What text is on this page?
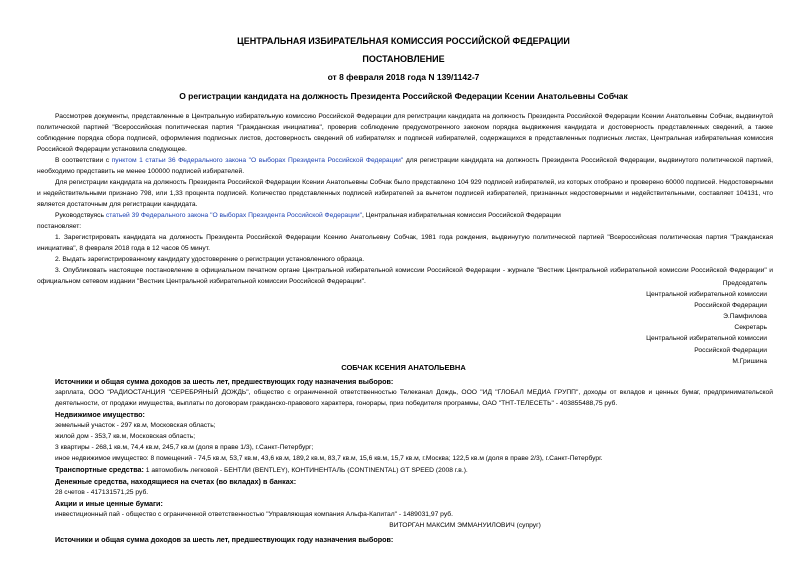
ЦЕНТРАЛЬНАЯ ИЗБИРАТЕЛЬНАЯ КОМИССИЯ РОССИЙСКОЙ ФЕДЕРАЦИИ
ПОСТАНОВЛЕНИЕ
от 8 февраля 2018 года N 139/1142-7
О регистрации кандидата на должность Президента Российской Федерации Ксении Анатольевны Собчак

Рассмотрев документы, представленные в Центральную избирательную комиссию Российской Федерации для регистрации кандидата на должность Президента Российской Федерации Ксении Анатольевны Собчак, выдвинутой политической партией "Всероссийская политическая партия "Гражданская инициатива", проверив соблюдение предусмотренного законом порядка выдвижения кандидата и достоверность представленных сведений, а также соблюдение порядка сбора подписей, оформления подписных листов, достоверность сведений об избирателях и подписей избирателей, содержащихся в представленных подписных листах, Центральная избирательная комиссия Российской Федерации установила следующее.

В соответствии с пунктом 1 статьи 36 Федерального закона "О выборах Президента Российской Федерации" для регистрации кандидата на должность Президента Российской Федерации, выдвинутого политической партией, необходимо представить не менее 100000 подписей избирателей.

Для регистрации кандидата на должность Президента Российской Федерации Ксении Анатольевны Собчак было представлено 104 929 подписей избирателей, из которых отобрано и проверено 60000 подписей. Недостоверными и недействительными признано 798, или 1,33 процента подписей. Количество представленных подписей избирателей за вычетом подписей избирателей, признанных недостоверными и недействительными, составляет 104131, что является достаточным для регистрации кандидата.

Руководствуясь статьей 39 Федерального закона "О выборах Президента Российской Федерации", Центральная избирательная комиссия Российской Федерации

постановляет:

1. Зарегистрировать кандидата на должность Президента Российской Федерации Ксению Анатольевну Собчак, 1981 года рождения, выдвинутую политической партией "Всероссийская политическая партия "Гражданская инициатива", 8 февраля 2018 года в 12 часов 05 минут.

2. Выдать зарегистрированному кандидату удостоверение о регистрации установленного образца.

3. Опубликовать настоящее постановление в официальном печатном органе Центральной избирательной комиссии Российской Федерации - журнале "Вестник Центральной избирательной комиссии Российской Федерации" и официальном сетевом издании "Вестник Центральной избирательной комиссии Российской Федерации".	Председатель
Центральной избирательной комиссии
Российской Федерации
Э.Памфилова
Секретарь
Центральной избирательной комиссии
Российской Федерации
М.Гришина
СОБЧАК КСЕНИЯ АНАТОЛЬЕВНА

Источники и общая сумма доходов за шесть лет, предшествующих году назначения выборов:

зарплата, ООО "РАДИОСТАНЦИЯ "СЕРЕБРЯНЫЙ ДОЖДЬ", общество с ограниченной ответственностью Телеканал Дождь, ООО "ИД "ГЛОБАЛ МЕДИА ГРУПП", доходы от вкладов и ценных бумаг, предпринимательской деятельности, от продажи имущества, выплаты по договорам гражданско-правового характера, гонорары, приз победителя программы, ОАО "ТНТ-ТЕЛЕСЕТЬ" - 403855488,75 руб.

Недвижимое имущество:

земельный участок - 297 кв.м, Московская область;

жилой дом - 353,7 кв.м, Московская область;

3 квартиры - 268,1 кв.м, 74,4 кв.м, 245,7 кв.м (доля в праве 1/3), г.Санкт-Петербург;

иное недвижимое имущество: 8 помещений - 74,5 кв.м, 53,7 кв.м, 43,6 кв.м, 189,2 кв.м, 83,7 кв.м, 15,6 кв.м, 15,7 кв.м, г.Москва; 122,5 кв.м (доля в праве 2/3), г.Санкт-Петербург.

Транспортные средства: 1 автомобиль легковой - БЕНТЛИ (BENTLEY), КОНТИНЕНТАЛЬ (CONTINENTAL) GT SPEED (2008 г.в.).

Денежные средства, находящиеся на счетах (во вкладах) в банках:

28 счетов - 417131571,25 руб.

Акции и иные ценные бумаги:

инвестиционный пай - общество с ограниченной ответственностью "Управляющая компания Альфа-Капитал" - 1489031,97 руб.

ВИТОРГАН МАКСИМ ЭММАНУИЛОВИЧ (супруг)

Источники и общая сумма доходов за шесть лет, предшествующих году назначения выборов:
